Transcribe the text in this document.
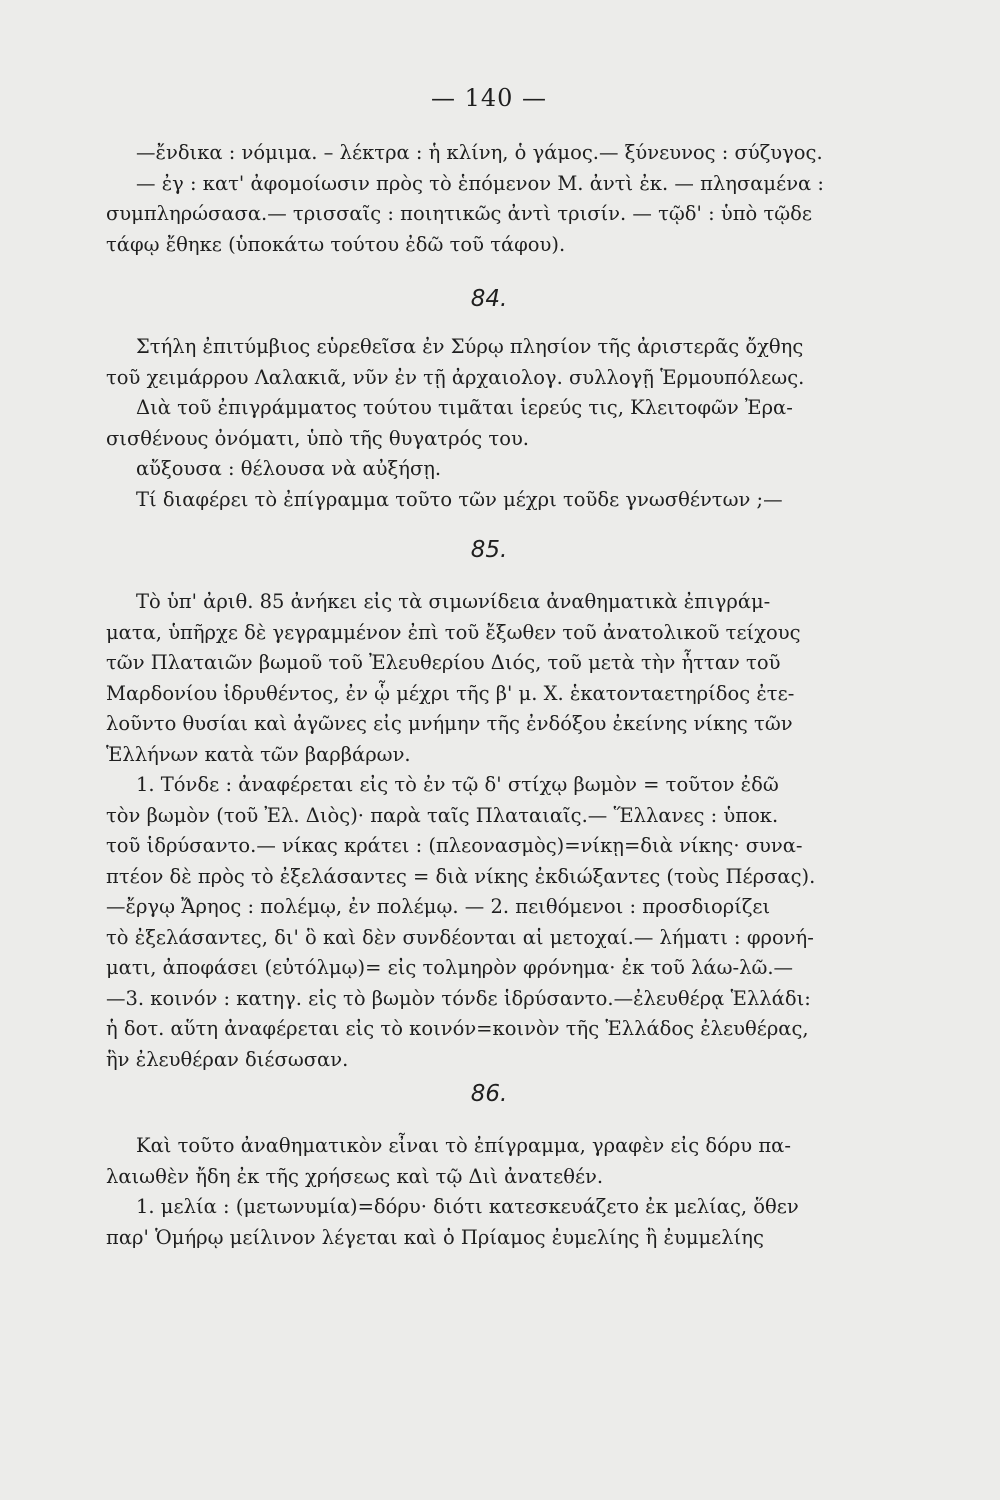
— 140 —
—ἔνδικα : νόμιμα. – λέκτρα : ἡ κλίνη, ὁ γάμος.— ξύνευνος : σύζυγος.
— ἐγ : κατ' ἀφομοίωσιν πρὸς τὸ ἑπόμενον Μ. ἀντὶ ἐκ. — πλησαμένα :
συμπληρώσασα.— τρισσαῖς : ποιητικῶς ἀντὶ τρισίν. — τῷδ' : ὑπὸ τῷδε
τάφῳ ἔθηκε (ὑποκάτω τούτου ἐδῶ τοῦ τάφου).
84.
Στήλη ἐπιτύμβιος εὑρεθεῖσα ἐν Σύρῳ πλησίον τῆς ἀριστερᾶς ὄχθης
τοῦ χειμάρρου Λαλακιᾶ, νῦν ἐν τῇ ἀρχαιολογ. συλλογῇ Ἑρμουπόλεως.
Διὰ τοῦ ἐπιγράμματος τούτου τιμᾶται ἱερεύς τις, Κλειτοφῶν Ἐρα-
σισθένους ὀνόματι, ὑπὸ τῆς θυγατρός του.
αὔξουσα : θέλουσα νὰ αὐξήσῃ.
Τί διαφέρει τὸ ἐπίγραμμα τοῦτο τῶν μέχρι τοῦδε γνωσθέντων ;—
85.
Τὸ ὑπ' ἀριθ. 85 ἀνήκει εἰς τὰ σιμωνίδεια ἀναθηματικὰ ἐπιγράμ-
ματα, ὑπῆρχε δὲ γεγραμμένον ἐπὶ τοῦ ἔξωθεν τοῦ ἀνατολικοῦ τείχους
τῶν Πλαταιῶν βωμοῦ τοῦ Ἐλευθερίου Διός, τοῦ μετὰ τὴν ἧτταν τοῦ
Μαρδονίου ἱδρυθέντος, ἐν ᾧ μέχρι τῆς β' μ. Χ. ἑκατονταετηρίδος ἐτε-
λοῦντο θυσίαι καὶ ἀγῶνες εἰς μνήμην τῆς ἐνδόξου ἐκείνης νίκης τῶν
Ἑλλήνων κατὰ τῶν βαρβάρων.
1. Τόνδε : ἀναφέρεται εἰς τὸ ἐν τῷ δ' στίχῳ βωμὸν = τοῦτον ἐδῶ
τὸν βωμὸν (τοῦ Ἐλ. Διὸς)· παρὰ ταῖς Πλαταιαῖς.— Ἕλλανες : ὑποκ.
τοῦ ἱδρύσαντο.— νίκας κράτει : (πλεονασμὸς)=νίκῃ=διὰ νίκης· συνα-
πτέον δὲ πρὸς τὸ ἐξελάσαντες = διὰ νίκης ἐκδιώξαντες (τοὺς Πέρσας).
—ἔργῳ Ἄρηος : πολέμῳ, ἐν πολέμῳ. — 2. πειθόμενοι : προσδιορίζει
τὸ ἐξελάσαντες, δι' ὃ καὶ δὲν συνδέονται αἱ μετοχαί.— λήματι : φρονή-
ματι, ἀποφάσει (εὐτόλμῳ)= εἰς τολμηρὸν φρόνημα· ἐκ τοῦ λάω-λῶ.—
—3. κοινόν : κατηγ. εἰς τὸ βωμὸν τόνδε ἱδρύσαντο.—ἐλευθέρᾳ Ἑλλάδι:
ἡ δοτ. αὕτη ἀναφέρεται εἰς τὸ κοινόν=κοινὸν τῆς Ἑλλάδος ἐλευθέρας,
ἣν ἐλευθέραν διέσωσαν.
86.
Καὶ τοῦτο ἀναθηματικὸν εἶναι τὸ ἐπίγραμμα, γραφὲν εἰς δόρυ πα-
λαιωθὲν ἤδη ἐκ τῆς χρήσεως καὶ τῷ Διὶ ἀνατεθέν.
1. μελία : (μετωνυμία)=δόρυ· διότι κατεσκευάζετο ἐκ μελίας, ὅθεν
παρ' Ὁμήρῳ μείλινον λέγεται καὶ ὁ Πρίαμος ἐυμελίης ἢ ἐυμμελίης
